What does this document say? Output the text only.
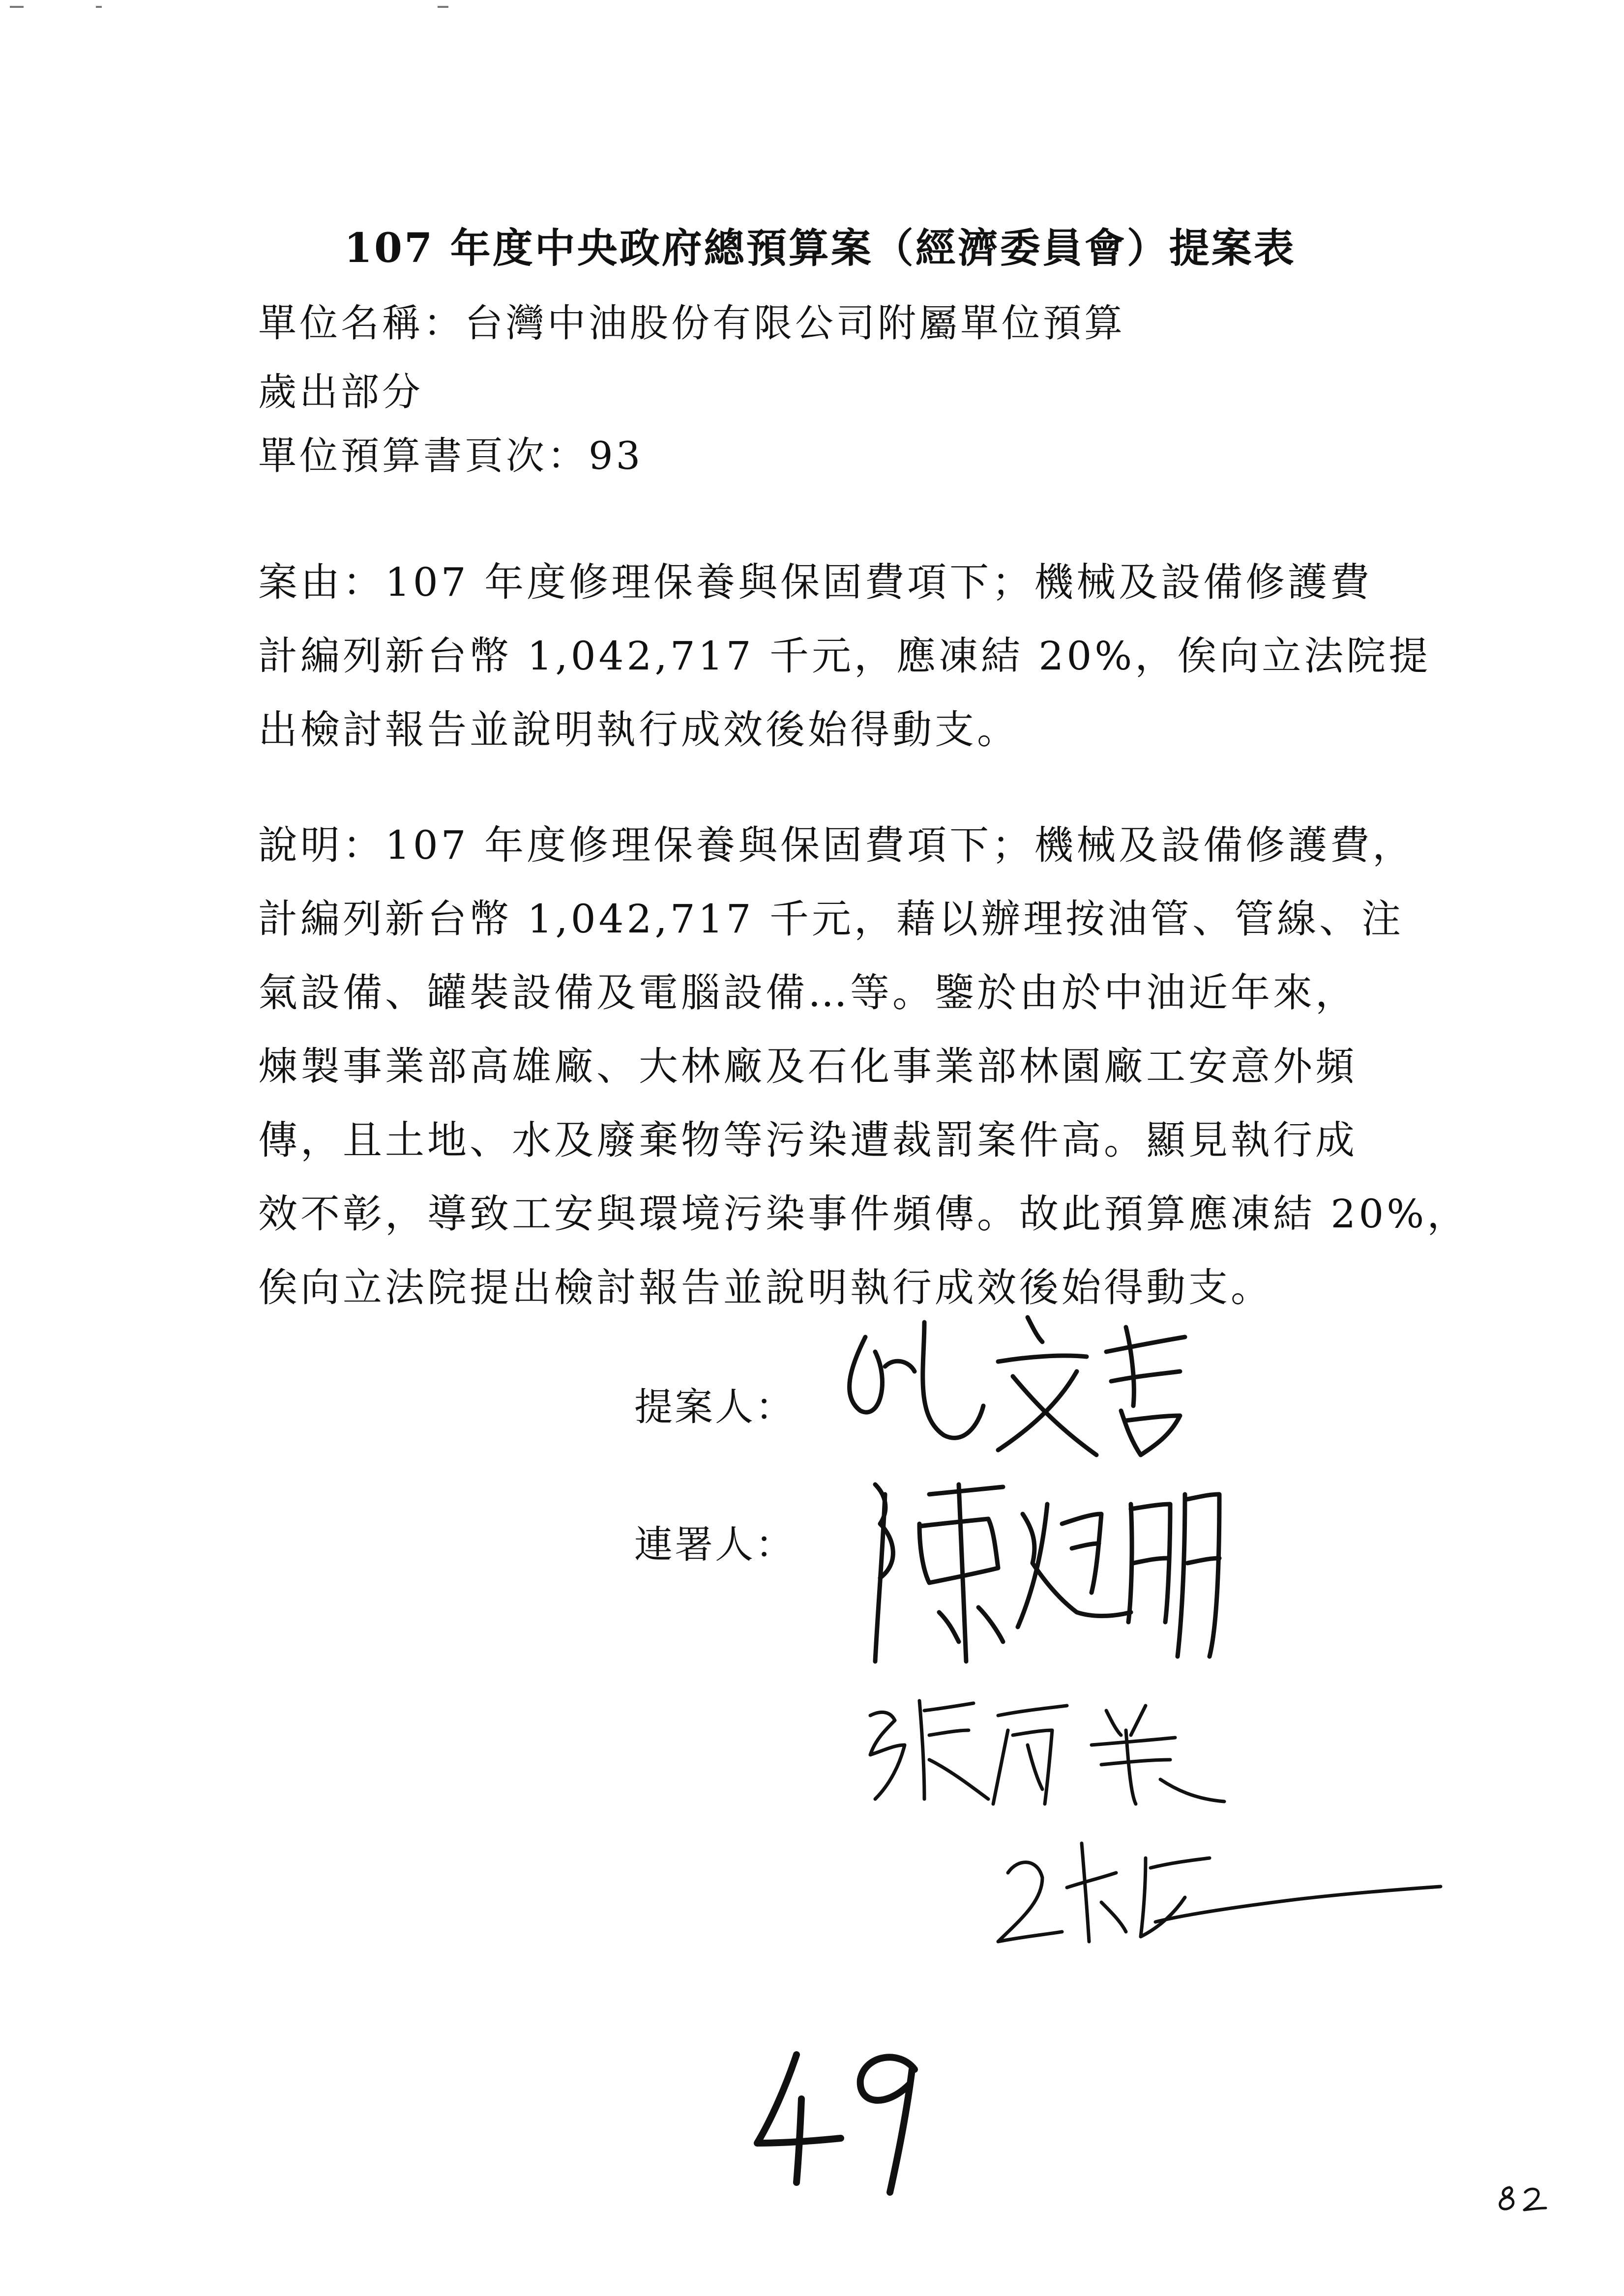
107 年度中央政府總預算案（經濟委員會）提案表
單位名稱：台灣中油股份有限公司附屬單位預算
歲出部分
單位預算書頁次：93
案由：107 年度修理保養與保固費項下；機械及設備修護費
計編列新台幣 1,042,717 千元，應凍結 20%，俟向立法院提
出檢討報告並說明執行成效後始得動支。
說明：107 年度修理保養與保固費項下；機械及設備修護費，
計編列新台幣 1,042,717 千元，藉以辦理按油管、管線、注
氣設備、罐裝設備及電腦設備…等。鑒於由於中油近年來，
煉製事業部高雄廠、大林廠及石化事業部林園廠工安意外頻
傳，且土地、水及廢棄物等污染遭裁罰案件高。顯見執行成
效不彰，導致工安與環境污染事件頻傳。故此預算應凍結 20%，
俟向立法院提出檢討報告並說明執行成效後始得動支。
提案人：
連署人：
